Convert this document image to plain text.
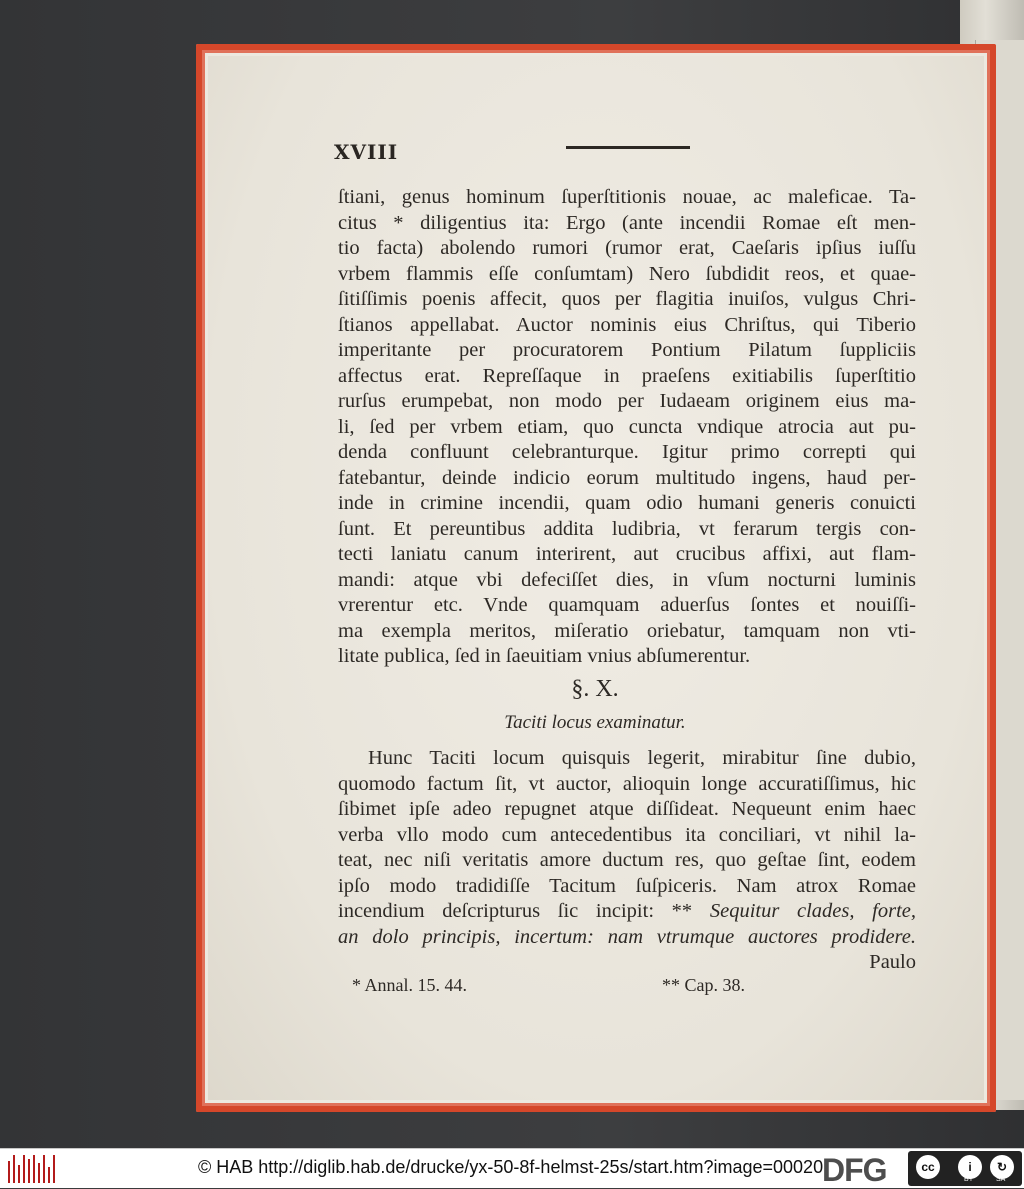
XVIII
ſtiani, genus hominum ſuperſtitionis nouae, ac maleficae. Ta-
citus * diligentius ita: Ergo (ante incendii Romae eſt men-
tio facta) abolendo rumori (rumor erat, Caeſaris ipſius iuſſu
vrbem flammis eſſe conſumtam) Nero ſubdidit reos, et quae-
ſitiſſimis poenis affecit, quos per flagitia inuiſos, vulgus Chri-
ſtianos appellabat. Auctor nominis eius Chriſtus, qui Tiberio
imperitante per procuratorem Pontium Pilatum ſuppliciis
affectus erat. Repreſſaque in praeſens exitiabilis ſuperſtitio
rurſus erumpebat, non modo per Iudaeam originem eius ma-
li, ſed per vrbem etiam, quo cuncta vndique atrocia aut pu-
denda confluunt celebranturque. Igitur primo correpti qui
fatebantur, deinde indicio eorum multitudo ingens, haud per-
inde in crimine incendii, quam odio humani generis conuicti
ſunt. Et pereuntibus addita ludibria, vt ferarum tergis con-
tecti laniatu canum interirent, aut crucibus affixi, aut flam-
mandi: atque vbi defeciſſet dies, in vſum nocturni luminis
vrerentur etc. Vnde quamquam aduerſus ſontes et nouiſſi-
ma exempla meritos, miſeratio oriebatur, tamquam non vti-
litate publica, ſed in ſaeuitiam vnius abſumerentur.
§. X.
Taciti locus examinatur.
Hunc Taciti locum quisquis legerit, mirabitur ſine dubio,
quomodo factum ſit, vt auctor, alioquin longe accuratiſſimus, hic
ſibimet ipſe adeo repugnet atque diſſideat. Nequeunt enim haec
verba vllo modo cum antecedentibus ita conciliari, vt nihil la-
teat, nec niſi veritatis amore ductum res, quo geſtae ſint, eodem
ipſo modo tradidiſſe Tacitum ſuſpiceris. Nam atrox Romae
incendium deſcripturus ſic incipit: ** Sequitur clades, forte,
an dolo principis, incertum: nam vtrumque auctores prodidere.
Paulo
* Annal. 15. 44.	** Cap. 38.
© HAB http://diglib.hab.de/drucke/yx-50-8f-helmst-25s/start.htm?image=00020
DFG	cc	i	↻
BY	SA
